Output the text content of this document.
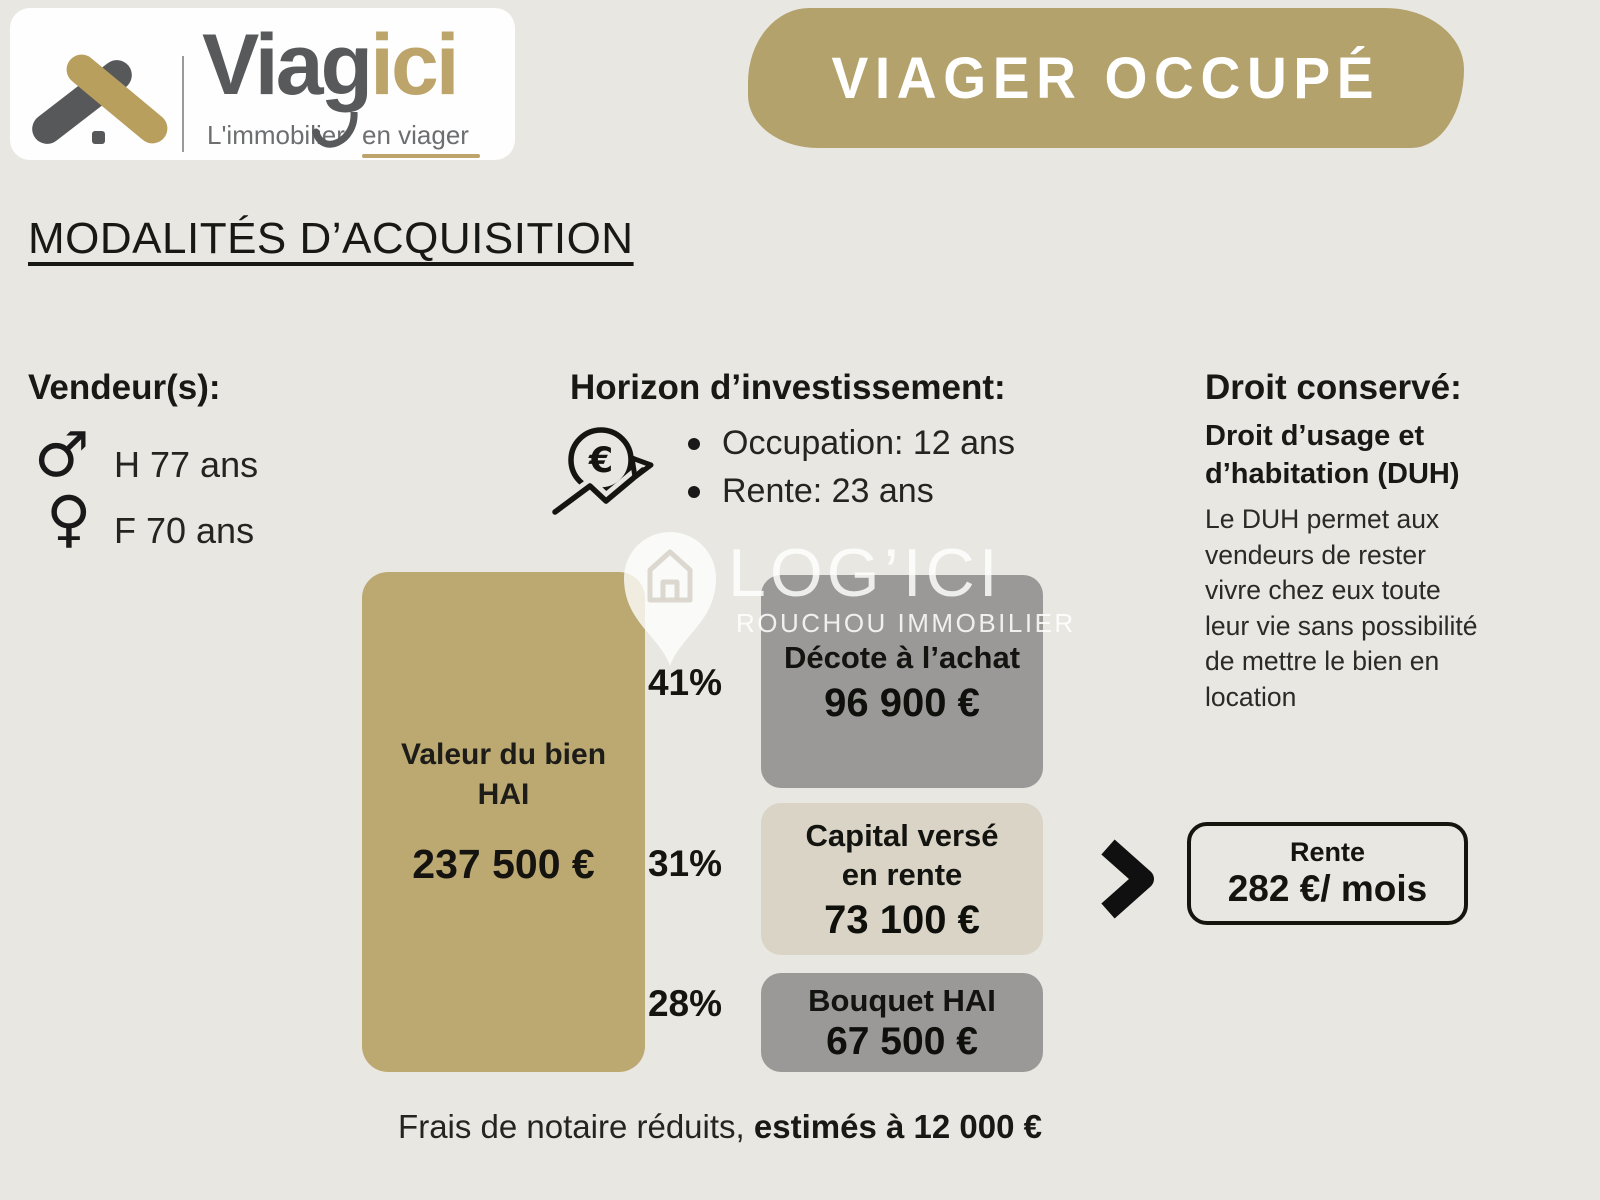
Viagici
L'immobilier en viager
VIAGER OCCUPÉ
MODALITÉS D’ACQUISITION
Vendeur(s):
♂ H 77 ans
♀ F 70 ans
Horizon d’investissement:
€	Occupation: 12 ans
Rente: 23 ans
Droit conservé:
Droit d’usage et
d’habitation (DUH)
Le DUH permet aux
vendeurs de rester
vivre chez eux toute
leur vie sans possibilité
de mettre le bien en
location
Valeur du bien
HAI
237 500 €
41%
31%
28%
Décote à l’achat
96 900 €
Capital versé
en rente
73 100 €
Bouquet HAI
67 500 €
Rente
282 €/ mois
Frais de notaire réduits, estimés à 12 000 €
LOG’ICI
ROUCHOU IMMOBILIER
